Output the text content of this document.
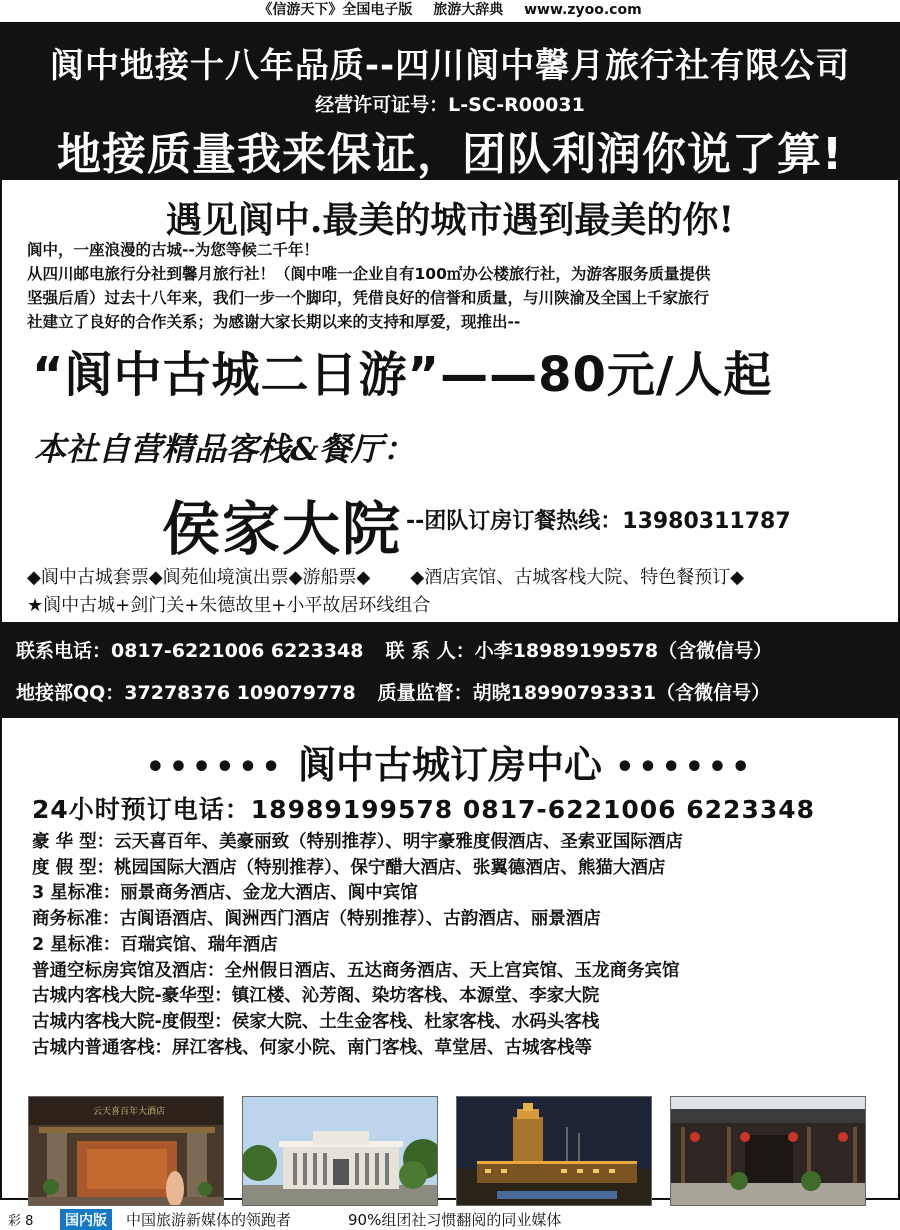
《信游天下》全国电子版 旅游大辞典 www.zyoo.com
阆中地接十八年品质--四川阆中馨月旅行社有限公司
经营许可证号：L-SC-R00031
地接质量我来保证，团队利润你说了算!
遇见阆中.最美的城市遇到最美的你!

阆中，一座浪漫的古城--为您等候二千年！

从四川邮电旅行分社到馨月旅行社！（阆中唯一企业自有100㎡办公楼旅行社，为游客服务质量提供

坚强后盾）过去十八年来，我们一步一个脚印，凭借良好的信誉和质量，与川陕渝及全国上千家旅行

社建立了良好的合作关系；为感谢大家长期以来的支持和厚爱，现推出--

“阆中古城二日游”——80元/人起
本社自营精品客栈&餐厅：
侯家大院 --团队订房订餐热线：13980311787
◆阆中古城套票◆阆苑仙境演出票◆游船票◆ ◆酒店宾馆、古城客栈大院、特色餐预订◆
★阆中古城+剑门关+朱德故里+小平故居环线组合
联系电话：0817-6221006 6223348 联 系 人：小李18989199578（含微信号）
地接部QQ：37278376 109079778 质量监督：胡晓18990793331（含微信号）
•••••• 阆中古城订房中心 ••••••
24小时预订电话：18989199578 0817-6221006 6223348

豪 华 型：云天喜百年、美豪丽致（特别推荐）、明宇豪雅度假酒店、圣索亚国际酒店

度 假 型：桃园国际大酒店（特别推荐）、保宁醋大酒店、张翼德酒店、熊猫大酒店

3 星标准：丽景商务酒店、金龙大酒店、阆中宾馆

商务标准：古阆语酒店、阆洲西门酒店（特别推荐）、古韵酒店、丽景酒店

2 星标准：百瑞宾馆、瑞年酒店

普通空标房宾馆及酒店：全州假日酒店、五达商务酒店、天上宫宾馆、玉龙商务宾馆

古城内客栈大院-豪华型：镇江楼、沁芳阁、染坊客栈、本源堂、李家大院

古城内客栈大院-度假型：侯家大院、土生金客栈、杜家客栈、水码头客栈

古城内普通客栈：屏江客栈、何家小院、南门客栈、草堂居、古城客栈等

云天喜百年大酒店
彩 8	国内版	中国旅游新媒体的领跑者	90%组团社习惯翻阅的同业媒体
